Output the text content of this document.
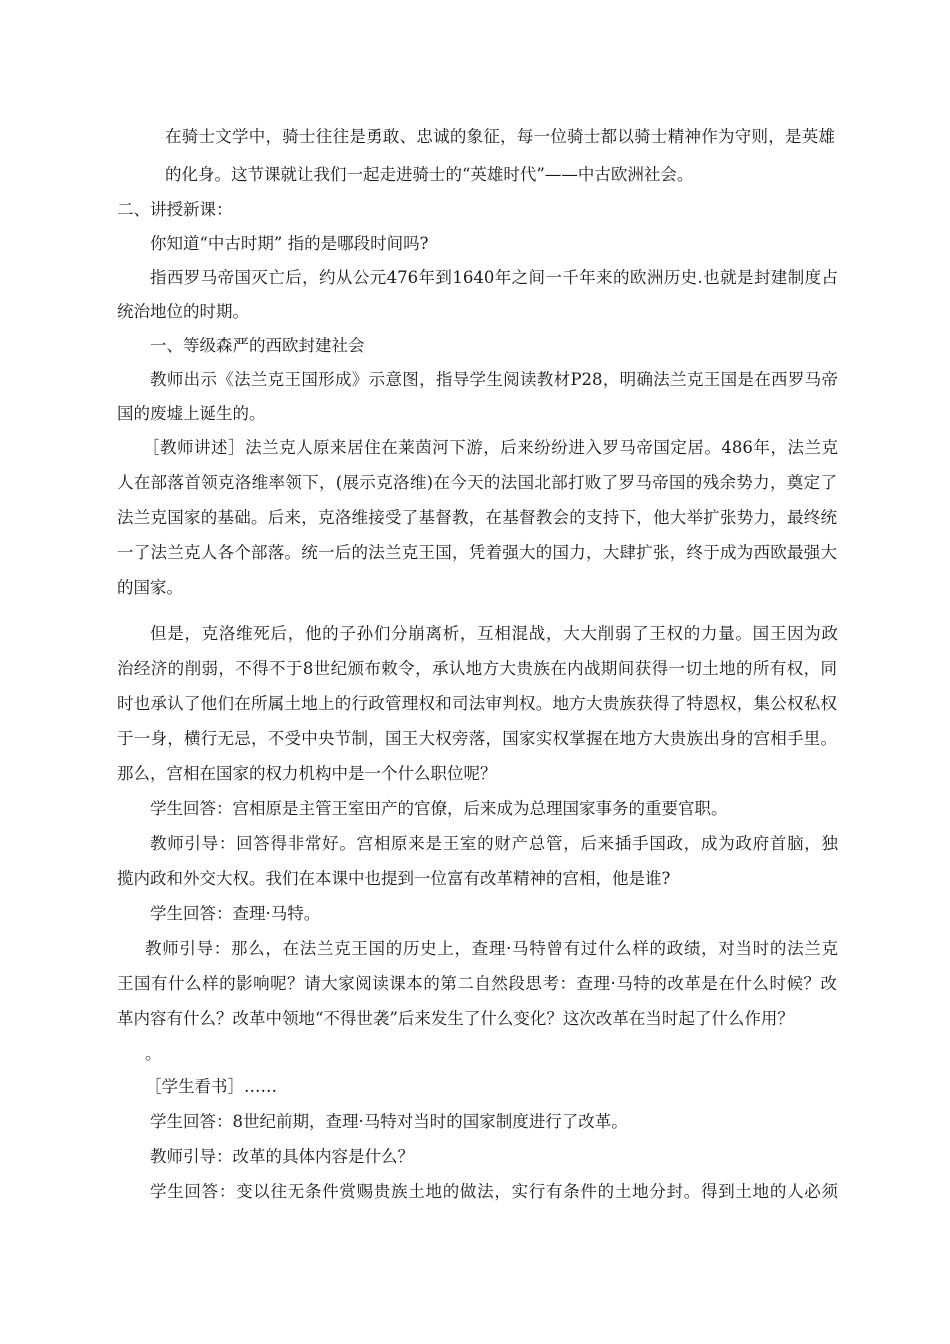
在骑士文学中，骑士往往是勇敢、忠诚的象征，每一位骑士都以骑士精神作为守则，是英雄
的化身。这节课就让我们一起走进骑士的“英雄时代”——中古欧洲社会。
二、讲授新课：
你知道“中古时期” 指的是哪段时间吗?
指西罗马帝国灭亡后，约从公元476年到1640年之间一千年来的欧洲历史.也就是封建制度占
统治地位的时期。
一、等级森严的西欧封建社会
教师出示《法兰克王国形成》示意图，指导学生阅读教材P28，明确法兰克王国是在西罗马帝
国的废墟上诞生的。
［教师讲述］法兰克人原来居住在莱茵河下游，后来纷纷进入罗马帝国定居。486年，法兰克
人在部落首领克洛维率领下，(展示克洛维)在今天的法国北部打败了罗马帝国的残余势力，奠定了
法兰克国家的基础。后来，克洛维接受了基督教，在基督教会的支持下，他大举扩张势力，最终统
一了法兰克人各个部落。统一后的法兰克王国，凭着强大的国力，大肆扩张，终于成为西欧最强大
的国家。
但是，克洛维死后，他的子孙们分崩离析，互相混战，大大削弱了王权的力量。国王因为政
治经济的削弱，不得不于8世纪颁布敕令，承认地方大贵族在内战期间获得一切土地的所有权，同
时也承认了他们在所属土地上的行政管理权和司法审判权。地方大贵族获得了特恩权，集公权私权
于一身，横行无忌，不受中央节制，国王大权旁落，国家实权掌握在地方大贵族出身的宫相手里。
那么，宫相在国家的权力机构中是一个什么职位呢？
学生回答：宫相原是主管王室田产的官僚，后来成为总理国家事务的重要官职。
教师引导：回答得非常好。宫相原来是王室的财产总管，后来插手国政，成为政府首脑，独
揽内政和外交大权。我们在本课中也提到一位富有改革精神的宫相，他是谁?
学生回答：查理·马特。
教师引导：那么，在法兰克王国的历史上，查理·马特曾有过什么样的政绩，对当时的法兰克
王国有什么样的影响呢？请大家阅读课本的第二自然段思考：查理·马特的改革是在什么时候？改
革内容有什么？改革中领地“不得世袭”后来发生了什么变化？这次改革在当时起了什么作用？
。
［学生看书］……
学生回答：8世纪前期，查理·马特对当时的国家制度进行了改革。
教师引导：改革的具体内容是什么？
学生回答：变以往无条件赏赐贵族土地的做法，实行有条件的土地分封。得到土地的人必须
